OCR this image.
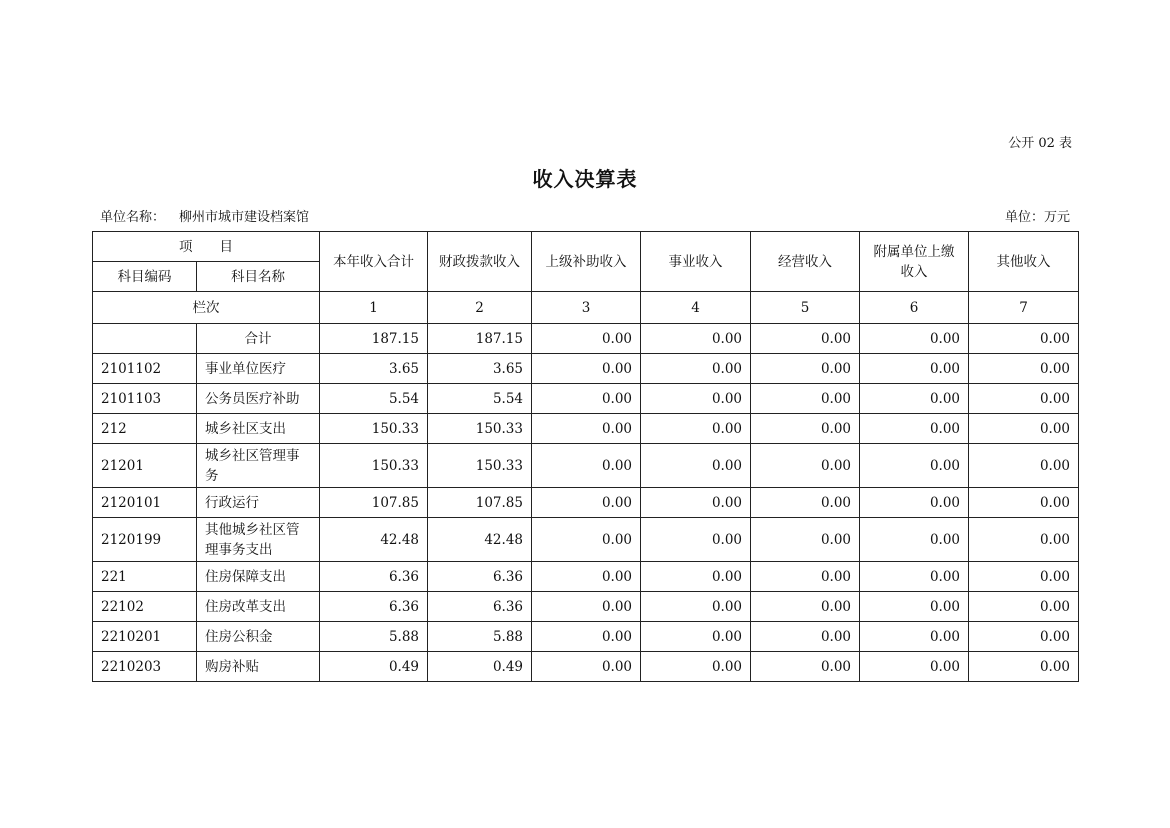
公开 02 表
收入决算表
单位名称： 柳州市城市建设档案馆	单位：万元
项　　目		本年收入合计	财政拨款收入	上级补助收入	事业收入	经营收入	附属单位上缴收入	其他收入
科目编码	科目名称							
栏次		1	2	3	4	5	6	7
	合计	187.15	187.15	0.00	0.00	0.00	0.00	0.00
2101102	事业单位医疗	3.65	3.65	0.00	0.00	0.00	0.00	0.00
2101103	公务员医疗补助	5.54	5.54	0.00	0.00	0.00	0.00	0.00
212	城乡社区支出	150.33	150.33	0.00	0.00	0.00	0.00	0.00
21201	城乡社区管理事务	150.33	150.33	0.00	0.00	0.00	0.00	0.00
2120101	行政运行	107.85	107.85	0.00	0.00	0.00	0.00	0.00
2120199	其他城乡社区管理事务支出	42.48	42.48	0.00	0.00	0.00	0.00	0.00
221	住房保障支出	6.36	6.36	0.00	0.00	0.00	0.00	0.00
22102	住房改革支出	6.36	6.36	0.00	0.00	0.00	0.00	0.00
2210201	住房公积金	5.88	5.88	0.00	0.00	0.00	0.00	0.00
2210203	购房补贴	0.49	0.49	0.00	0.00	0.00	0.00	0.00
